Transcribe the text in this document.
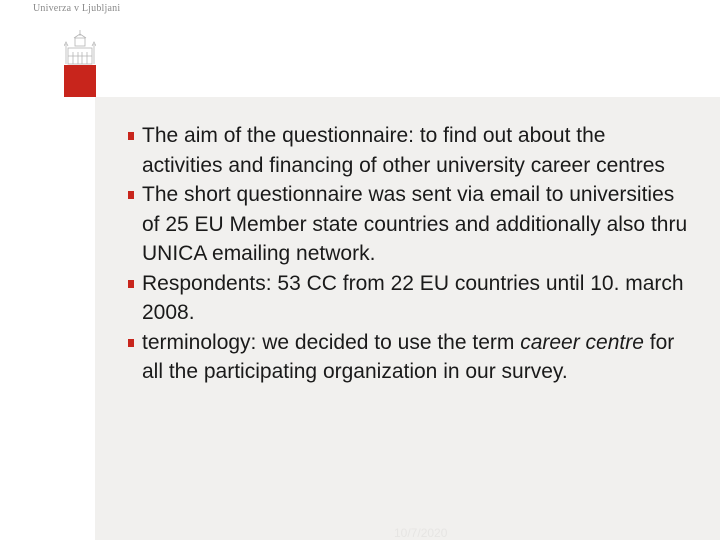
Univerza v Ljubljani
The aim of the questionnaire: to find out about the activities and financing of other university career centres
The short questionnaire was sent via email to universities of 25 EU Member state countries and additionally also thru UNICA emailing network.
Respondents: 53 CC from 22 EU countries until 10. march 2008.
terminology: we decided to use the term career centre for all the participating organization in our survey.
10/7/2020
